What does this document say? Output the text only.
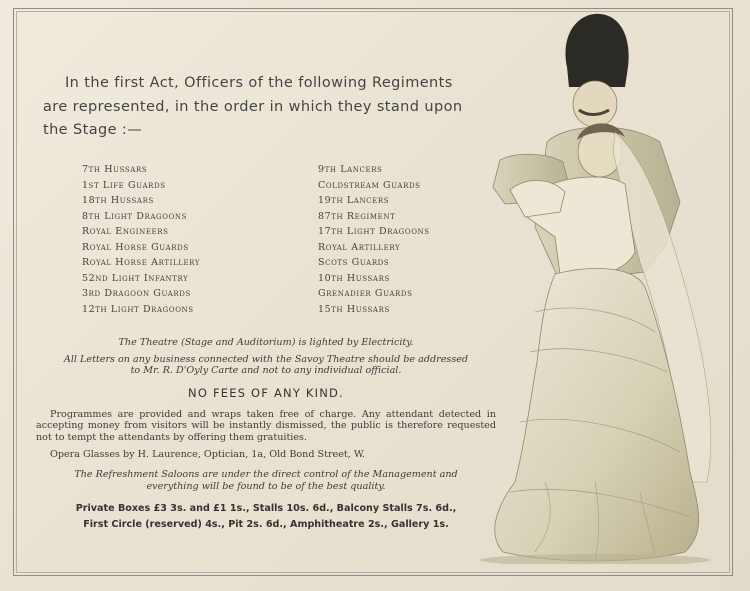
In the first Act, Officers of the following Regiments
are represented, in the order in which they stand upon
the Stage :—
7th Hussars
1st Life Guards
18th Hussars
8th Light Dragoons
Royal Engineers
Royal Horse Guards
Royal Horse Artillery
52nd Light Infantry
3rd Dragoon Guards
12th Light Dragoons
9th Lancers
Coldstream Guards
19th Lancers
87th Regiment
17th Light Dragoons
Royal Artillery
Scots Guards
10th Hussars
Grenadier Guards
15th Hussars
The Theatre (Stage and Auditorium) is lighted by Electricity.
All Letters on any business connected with the Savoy Theatre should be addressed
to Mr. R. D'Oyly Carte and not to any individual official.
NO FEES OF ANY KIND.
Programmes are provided and wraps taken free of charge. Any attendant detected in accepting money from visitors will be instantly dismissed, the public is therefore requested not to tempt the attendants by offering them gratuities.
Opera Glasses by H. Laurence, Optician, 1a, Old Bond Street, W.
The Refreshment Saloons are under the direct control of the Management and
everything will be found to be of the best quality.
Private Boxes £3 3s. and £1 1s., Stalls 10s. 6d., Balcony Stalls 7s. 6d.,
First Circle (reserved) 4s., Pit 2s. 6d., Amphitheatre 2s., Gallery 1s.
